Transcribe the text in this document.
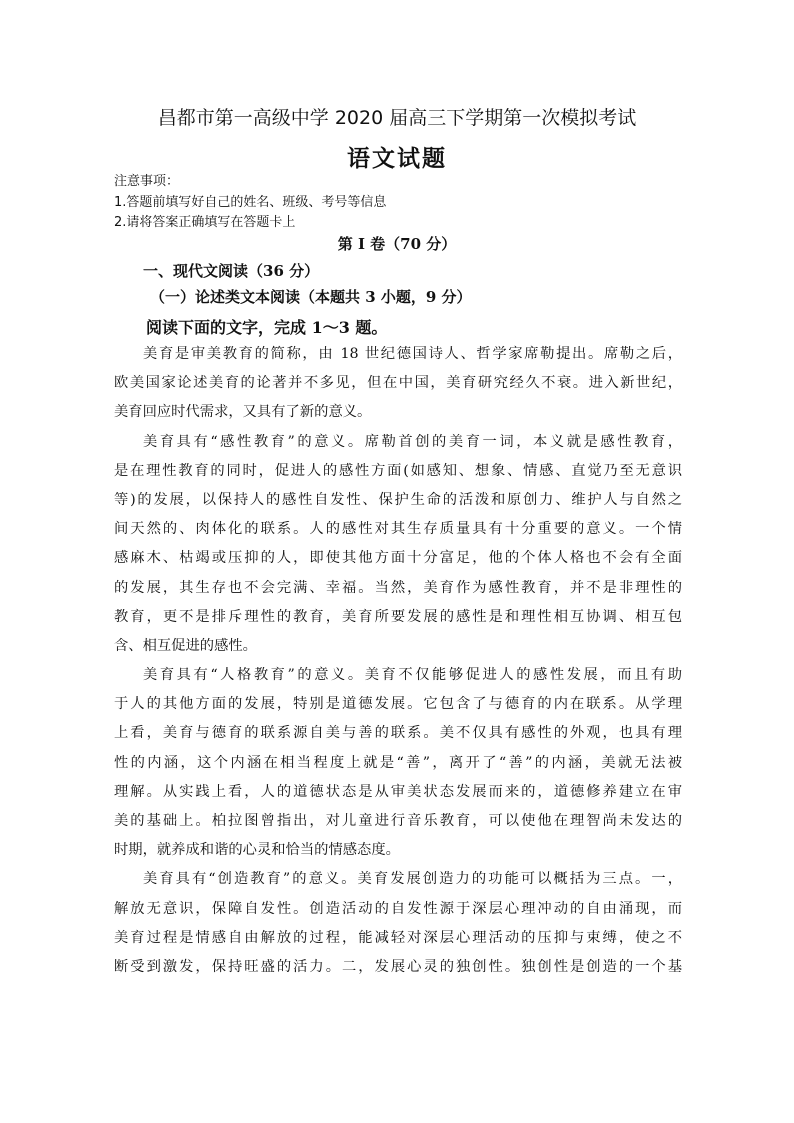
昌都市第一高级中学 2020 届高三下学期第一次模拟考试
语文试题
注意事项：
1.答题前填写好自己的姓名、班级、考号等信息
2.请将答案正确填写在答题卡上
第 I 卷（70 分）
一、现代文阅读（36 分）
（一）论述类文本阅读（本题共 3 小题，9 分）
阅读下面的文字，完成 1～3 题。
美育是审美教育的简称，由 18 世纪德国诗人、哲学家席勒提出。席勒之后，
欧美国家论述美育的论著并不多见，但在中国，美育研究经久不衰。进入新世纪，
美育回应时代需求，又具有了新的意义。
美育具有“感性教育”的意义。席勒首创的美育一词，本义就是感性教育，
是在理性教育的同时，促进人的感性方面(如感知、想象、情感、直觉乃至无意识
等)的发展，以保持人的感性自发性、保护生命的活泼和原创力、维护人与自然之
间天然的、肉体化的联系。人的感性对其生存质量具有十分重要的意义。一个情
感麻木、枯竭或压抑的人，即使其他方面十分富足，他的个体人格也不会有全面
的发展，其生存也不会完满、幸福。当然，美育作为感性教育，并不是非理性的
教育，更不是排斥理性的教育，美育所要发展的感性是和理性相互协调、相互包
含、相互促进的感性。
美育具有“人格教育”的意义。美育不仅能够促进人的感性发展，而且有助
于人的其他方面的发展，特别是道德发展。它包含了与德育的内在联系。从学理
上看，美育与德育的联系源自美与善的联系。美不仅具有感性的外观，也具有理
性的内涵，这个内涵在相当程度上就是“善”，离开了“善”的内涵，美就无法被
理解。从实践上看，人的道德状态是从审美状态发展而来的，道德修养建立在审
美的基础上。柏拉图曾指出，对儿童进行音乐教育，可以使他在理智尚未发达的
时期，就养成和谐的心灵和恰当的情感态度。
美育具有“创造教育”的意义。美育发展创造力的功能可以概括为三点。一，
解放无意识，保障自发性。创造活动的自发性源于深层心理冲动的自由涌现，而
美育过程是情感自由解放的过程，能减轻对深层心理活动的压抑与束缚，使之不
断受到激发，保持旺盛的活力。二，发展心灵的独创性。独创性是创造的一个基
